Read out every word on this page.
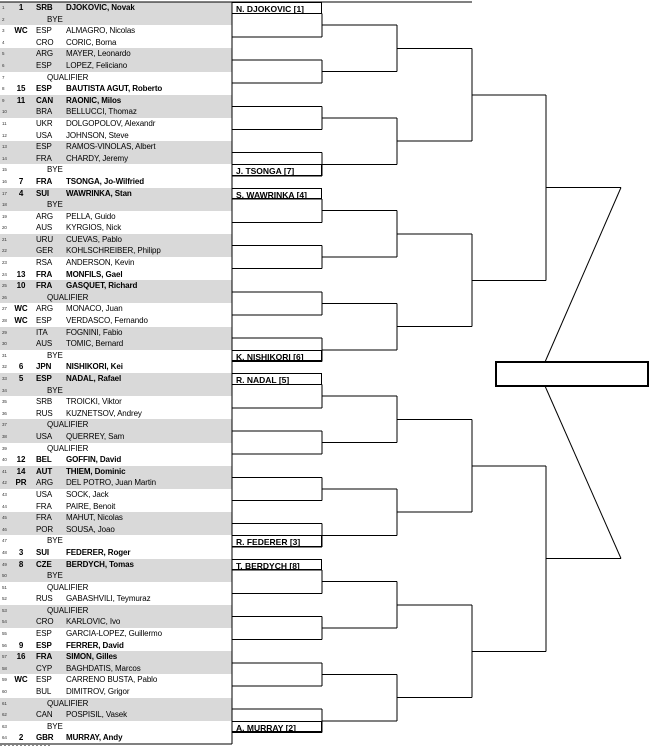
1	1	SRB DJOKOVIC, Novak
2	BYE
3	WC	ESP ALMAGRO, Nicolas
4	CRO CORIC, Borna
5	ARG MAYER, Leonardo
6	ESP LOPEZ, Feliciano
7	QUALIFIER
8	15	ESP BAUTISTA AGUT, Roberto
9	11	CAN RAONIC, Milos
10	BRA BELLUCCI, Thomaz
11	UKR DOLGOPOLOV, Alexandr
12	USA JOHNSON, Steve
13	ESP RAMOS-VINOLAS, Albert
14	FRA CHARDY, Jeremy
15	BYE
16	7	FRA TSONGA, Jo-Wilfried
17	4	SUI WAWRINKA, Stan
18	BYE
19	ARG PELLA, Guido
20	AUS KYRGIOS, Nick
21	URU CUEVAS, Pablo
22	GER KOHLSCHREIBER, Philipp
23	RSA ANDERSON, Kevin
24	13	FRA MONFILS, Gael
25	10	FRA GASQUET, Richard
26	QUALIFIER
27 WC	ARG MONACO, Juan
28 WC	ESP VERDASCO, Fernando
29	ITA FOGNINI, Fabio
30	AUS TOMIC, Bernard
31	BYE
32	6	JPN NISHIKORI, Kei
33	5	ESP NADAL, Rafael
34	BYE
35	SRB TROICKI, Viktor
36	RUS KUZNETSOV, Andrey
37	QUALIFIER
38	USA QUERREY, Sam
39	QUALIFIER
40	12	BEL GOFFIN, David
41	14	AUT THIEM, Dominic
42	PR	ARG DEL POTRO, Juan Martin
43	USA SOCK, Jack
44	FRA PAIRE, Benoit
45	FRA MAHUT, Nicolas
46	POR SOUSA, Joao
47	BYE
48	3	SUI FEDERER, Roger
49	8	CZE BERDYCH, Tomas
50	BYE
51	QUALIFIER
52	RUS GABASHVILI, Teymuraz
53	QUALIFIER
54	CRO KARLOVIC, Ivo
55	ESP GARCIA-LOPEZ, Guillermo
56	9	ESP FERRER, David
57	16	FRA SIMON, Gilles
58	CYP BAGHDATIS, Marcos
59 WC	ESP CARRENO BUSTA, Pablo
60	BUL DIMITROV, Grigor
61	QUALIFIER
62	CAN POSPISIL, Vasek
63	BYE
64	2	GBR MURRAY, Andy
N. DJOKOVIC [1]
J. TSONGA [7]
S. WAWRINKA [4]
K. NISHIKORI [6]
R. NADAL [5]
R. FEDERER [3]
T. BERDYCH [8]
A. MURRAY [2]
